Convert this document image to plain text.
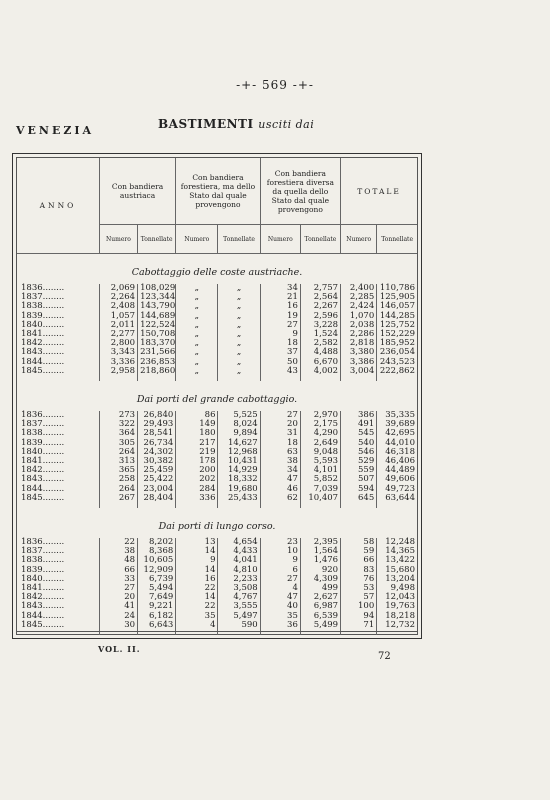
-+- 569 -+-
VENEZIA	BASTIMENTI usciti dai
ANNO	Con bandiera austriaca		Con bandiera forestiera, ma dello Stato dal quale provengono		Con bandiera forestiera diversa da quella dello Stato dal quale provengono		TOTALE	
	Numero	Tonnellate	Numero	Tonnellate	Numero	Tonnellate	Numero	Tonnellate
Cabottaggio delle coste austriache.
1836........	2,069	108,029	„	„	34	2,757	2,400	110,786
1837........	2,264	123,344	„	„	21	2,564	2,285	125,905
1838........	2,408	143,790	„	„	16	2,267	2,424	146,057
1839........	1,057	144,689	„	„	19	2,596	1,070	144,285
1840........	2,011	122,524	„	„	27	3,228	2,038	125,752
1841........	2,277	150,708	„	„	9	1,524	2,286	152,229
1842........	2,800	183,370	„	„	18	2,582	2,818	185,952
1843........	3,343	231,566	„	„	37	4,488	3,380	236,054
1844........	3,336	236,853	„	„	50	6,670	3,386	243,523
1845........	2,958	218,860	„	„	43	4,002	3,004	222,862

Dai porti del grande cabottaggio.
1836........	273	26,840	86	5,525	27	2,970	386	35,335
1837........	322	29,493	149	8,024	20	2,175	491	39,689
1838........	364	28,541	180	9,894	31	4,290	545	42,695
1839........	305	26,734	217	14,627	18	2,649	540	44,010
1840........	264	24,302	219	12,968	63	9,048	546	46,318
1841........	313	30,382	178	10,431	38	5,593	529	46,406
1842........	365	25,459	200	14,929	34	4,101	559	44,489
1843........	258	25,422	202	18,332	47	5,852	507	49,606
1844........	264	23,004	284	19,680	46	7,039	594	49,723
1845........	267	28,404	336	25,433	62	10,407	645	63,644

Dai porti di lungo corso.
1836........	22	8,202	13	4,654	23	2,395	58	12,248
1837........	38	8,368	14	4,433	10	1,564	59	14,365
1838........	48	10,605	9	4,041	9	1,476	66	13,422
1839........	66	12,909	14	4,810	6	920	83	15,680
1840........	33	6,739	16	2,233	27	4,309	76	13,204
1841........	27	5,494	22	3,508	4	499	53	9,498
1842........	20	7,649	14	4,767	47	2,627	57	12,043
1843........	41	9,221	22	3,555	40	6,987	100	19,763
1844........	24	6,182	35	5,497	35	6,539	94	18,218
1845........	30	6,643	4	590	36	5,499	71	12,732

VOL. II.
72
